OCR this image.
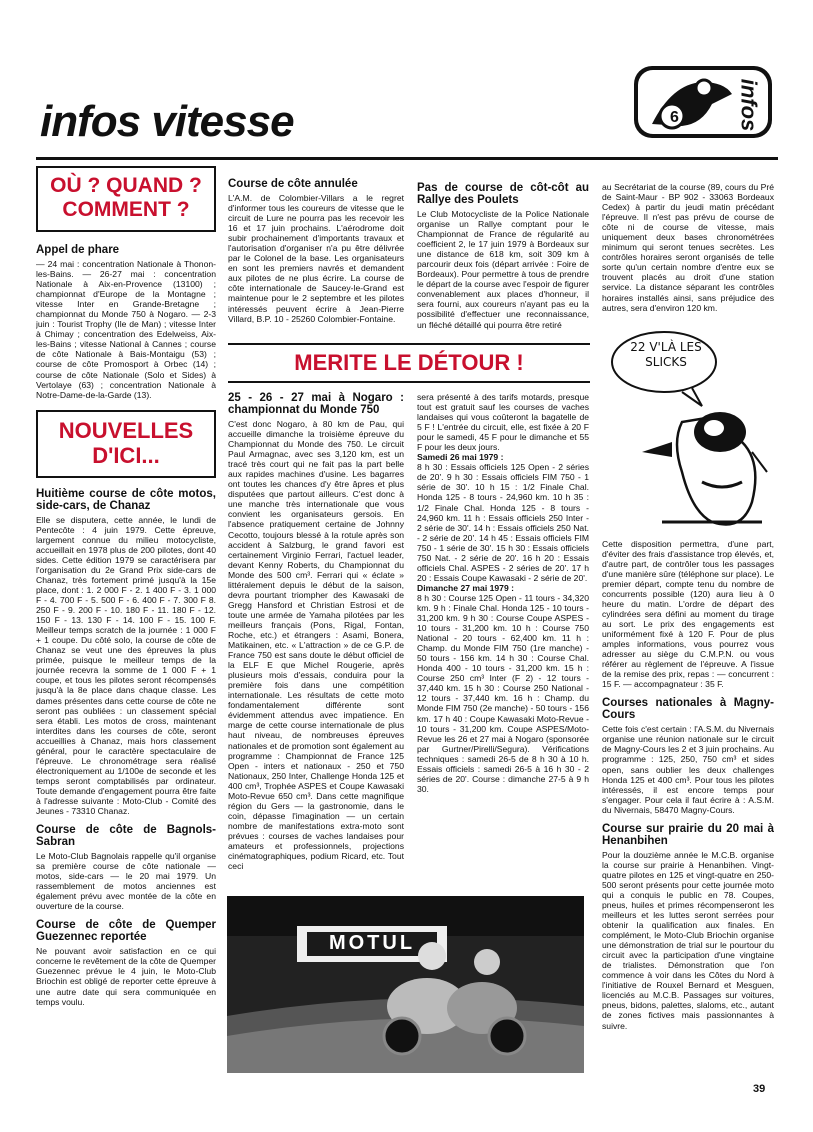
infos vitesse	6	infos
OÙ ? QUAND ? COMMENT ?
Appel de phare

— 24 mai : concentration Nationale à Thonon-les-Bains. — 26-27 mai : concentration Nationale à Aix-en-Provence (13100) ; championnat d'Europe de la Montagne ; vitesse Inter en Grande-Bretagne ; championnat du Monde 750 à Nogaro. — 2-3 juin : Tourist Trophy (Ile de Man) ; vitesse Inter à Chimay ; concentration des Edelweiss, Aix-les-Bains ; vitesse National à Cannes ; course de côte Nationale à Bais-Montaigu (53) ; course de côte Promosport à Orbec (14) ; course de côte Nationale (Solo et Sides) à Vertolaye (63) ; concentration Nationale à Notre-Dame-de-la-Garde (13).

NOUVELLES D'ICI...
Huitième course de côte motos, side-cars, de Chanaz

Elle se disputera, cette année, le lundi de Pentecôte : 4 juin 1979. Cette épreuve, largement connue du milieu motocycliste, accueillait en 1978 plus de 200 pilotes, dont 40 sides. Cette édition 1979 se caractérisera par l'organisation du 2e Grand Prix side-cars de Chanaz, très fortement primé jusqu'à la 15e place, dont : 1. 2 000 F - 2. 1 400 F - 3. 1 000 F - 4. 700 F - 5. 500 F - 6. 400 F - 7. 300 F 8. 250 F - 9. 200 F - 10. 180 F - 11. 180 F - 12. 150 F - 13. 130 F - 14. 100 F - 15. 100 F. Meilleur temps scratch de la journée : 1 000 F + 1 coupe. Du côté solo, la course de côte de Chanaz se veut une des épreuves la plus primée, puisque le meilleur temps de la journée recevra la somme de 1 000 F + 1 coupe, et tous les pilotes seront récompensés jusqu'à la 8e place dans chaque classe. Les dames présentes dans cette course de côte ne seront pas oubliées : un classement spécial sera établi. Les motos de cross, maintenant interdites dans les courses de côte, seront accueillies à Chanaz, mais hors classement général, pour le caractère spectaculaire de l'épreuve. Le chronométrage sera réalisé électroniquement au 1/100e de seconde et les temps seront comptabilisés par ordinateur. Toute demande d'engagement pourra être faite à l'adresse suivante : Moto-Club - Comité des Jeunes - 73310 Chanaz.

Course de côte de Bagnols-Sabran

Le Moto-Club Bagnolais rappelle qu'il organise sa première course de côte nationale — motos, side-cars — le 20 mai 1979. Un rassemblement de motos anciennes est également prévu avec montée de la côte en ouverture de la course.

Course de côte de Quemper Guezennec reportée

Ne pouvant avoir satisfaction en ce qui concerne le revêtement de la côte de Quemper Guezennec prévue le 4 juin, le Moto-Club Briochin est obligé de reporter cette épreuve à une autre date qui sera communiquée en temps voulu.

Course de côte annulée

L'A.M. de Colombier-Villars a le regret d'informer tous les coureurs de vitesse que le circuit de Lure ne pourra pas les recevoir les 16 et 17 juin prochains. L'aérodrome doit subir prochainement d'importants travaux et l'autorisation d'organiser n'a pu être délivrée par le Colonel de la base. Les organisateurs en sont les premiers navrés et demandent aux pilotes de ne plus écrire. La course de côte internationale de Saucey-le-Grand est maintenue pour le 2 septembre et les pilotes intéressés peuvent écrire à Jean-Pierre Villard, B.P. 10 - 25260 Colombier-Fontaine.

Pas de course de côt-côt au Rallye des Poulets

Le Club Motocycliste de la Police Nationale organise un Rallye comptant pour le Championnat de France de régularité au coefficient 2, le 17 juin 1979 à Bordeaux sur une distance de 618 km, soit 309 km à parcourir deux fois (départ arrivée : Foire de Bordeaux). Pour permettre à tous de prendre le départ de la course avec l'espoir de figurer convenablement aux places d'honneur, il sera fourni, aux coureurs n'ayant pas eu la possibilité d'effectuer une reconnaissance, un fléché détaillé qui pourra être retiré

MERITE LE DÉTOUR !
25 - 26 - 27 mai à Nogaro : championnat du Monde 750

C'est donc Nogaro, à 80 km de Pau, qui accueille dimanche la troisième épreuve du Championnat du Monde des 750. Le circuit Paul Armagnac, avec ses 3,120 km, est un tracé très court qui ne fait pas la part belle aux rapides machines d'usine. Les bagarres ont toutes les chances d'y être âpres et plus disputées que partout ailleurs. C'est donc à une manche très internationale que vous convient les organisateurs gersois. En l'absence pratiquement certaine de Johnny Cecotto, toujours blessé à la rotule après son accident à Salzburg, le grand favori est certainement Virginio Ferrari, l'actuel leader, devant Kenny Roberts, du Championnat du Monde des 500 cm³. Ferrari qui « éclate » littéralement depuis le début de la saison, devra pourtant triompher des Kawasaki de Gregg Hansford et Christian Estrosi et de toute une armée de Yamaha pilotées par les meilleurs français (Pons, Rigal, Fontan, Roche, etc.) et étrangers : Asami, Bonera, Matikainen, etc. « L'attraction » de ce G.P. de France 750 est sans doute le début officiel de la ELF E que Michel Rougerie, après plusieurs mois d'essais, conduira pour la première fois dans une compétition internationale. Les résultats de cette moto fondamentalement différente sont évidemment attendus avec impatience. En marge de cette course internationale de plus haut niveau, de nombreuses épreuves nationales et de promotion sont également au programme : Championnat de France 125 Open - inters et nationaux - 250 et 750 Nationaux, 250 Inter, Challenge Honda 125 et 400 cm³, Trophée ASPES et Coupe Kawasaki Moto-Revue 650 cm³. Dans cette magnifique région du Gers — la gastronomie, dans le coin, dépasse l'imagination — un certain nombre de manifestations extra-moto sont prévues : courses de vaches landaises pour amateurs et professionnels, projections cinématographiques, podium Ricard, etc. Tout ceci

sera présenté à des tarifs motards, presque tout est gratuit sauf les courses de vaches landaises qui vous coûteront la bagatelle de 5 F ! L'entrée du circuit, elle, est fixée à 20 F pour le samedi, 45 F pour le dimanche et 55 F pour les deux jours.

Samedi 26 mai 1979 :

8 h 30 : Essais officiels 125 Open - 2 séries de 20'. 9 h 30 : Essais officiels FIM 750 - 1 série de 30'. 10 h 15 : 1/2 Finale Chal. Honda 125 - 8 tours - 24,960 km. 10 h 35 : 1/2 Finale Chal. Honda 125 - 8 tours - 24,960 km. 11 h : Essais officiels 250 Inter - 2 série de 30'. 14 h : Essais officiels 250 Nat. - 2 série de 20'. 14 h 45 : Essais officiels FIM 750 - 1 série de 30'. 15 h 30 : Essais officiels 750 Nat. - 2 série de 20'. 16 h 20 : Essais officiels Chal. ASPES - 2 séries de 20'. 17 h 20 : Essais Coupe Kawasaki - 2 série de 20'.

Dimanche 27 mai 1979 :

8 h 30 : Course 125 Open - 11 tours - 34,320 km. 9 h : Finale Chal. Honda 125 - 10 tours - 31,200 km. 9 h 30 : Course Coupe ASPES - 10 tours - 31,200 km. 10 h : Course 750 National - 20 tours - 62,400 km. 11 h : Champ. du Monde FIM 750 (1re manche) - 50 tours - 156 km. 14 h 30 : Course Chal. Honda 400 - 10 tours - 31,200 km. 15 h : Course 250 cm³ Inter (F 2) - 12 tours - 37,440 km. 15 h 30 : Course 250 National - 12 tours - 37,440 km. 16 h : Champ. du Monde FIM 750 (2e manche) - 50 tours - 156 km. 17 h 40 : Coupe Kawasaki Moto-Revue - 10 tours - 31,200 km. Coupe ASPES/Moto-Revue les 26 et 27 mai à Nogaro (sponsorée par Gurtner/Pirelli/Segura). Vérifications techniques : samedi 26-5 de 8 h 30 à 10 h. Essais officiels : samedi 26-5 à 16 h 30 - 2 séries de 20'. Course : dimanche 27-5 à 9 h 30.

MOTUL

au Secrétariat de la course (89, cours du Pré de Saint-Maur - BP 902 - 33063 Bordeaux Cedex) à partir du jeudi matin précédant l'épreuve. Il n'est pas prévu de course de côte ni de course de vitesse, mais uniquement deux bases chronométrées minimum qui seront tenues secrètes. Les contrôles horaires seront organisés de telle sorte qu'un certain nombre d'entre eux se trouvent placés au droit d'une station service. La distance séparant les contrôles horaires installés ainsi, sans préjudice des autres, sera d'environ 120 km.

Cette disposition permettra, d'une part, d'éviter des frais d'assistance trop élevés, et, d'autre part, de contrôler tous les passages d'une manière sûre (téléphone sur place). Le premier départ, compte tenu du nombre de concurrents possible (120) aura lieu à 0 heure du matin. L'ordre de départ des cylindrées sera défini au moment du tirage au sort. Le prix des engagements est uniformément fixé à 120 F. Pour de plus amples informations, vous pourrez vous adresser au siège du C.M.P.N. ou vous référer au règlement de l'épreuve. A l'issue de la remise des prix, repas : — concurrent : 15 F. — accompagnateur : 35 F.

Courses nationales à Magny-Cours

Cette fois c'est certain : l'A.S.M. du Nivernais organise une réunion nationale sur le circuit de Magny-Cours les 2 et 3 juin prochains. Au programme : 125, 250, 750 cm³ et sides open, sans oublier les deux challenges Honda 125 et 400 cm³. Pour tous les pilotes intéressés, il est encore temps pour s'engager. Pour cela il faut écrire à : A.S.M. du Nivernais, 58470 Magny-Cours.

Course sur prairie du 20 mai à Henanbihen

Pour la douzième année le M.C.B. organise la course sur prairie à Henanbihen. Vingt-quatre pilotes en 125 et vingt-quatre en 250-500 seront présents pour cette journée moto qui a conquis le public en 78. Coupes, pneus, huiles et primes récompenseront les meilleurs et les luttes seront serrées pour obtenir la qualification aux finales. En complément, le Moto-Club Briochin organise une démonstration de trial sur le pourtour du circuit avec la participation d'une vingtaine de trialistes. Démonstration que l'on commence à voir dans les Côtes du Nord à l'initiative de Rouxel Bernard et Mesguen, licenciés au M.C.B. Passages sur voitures, pneus, bidons, palettes, slaloms, etc., autant de zones fictives mais passionnantes à suivre.

22 V'LÀ LES SLICKS
39
